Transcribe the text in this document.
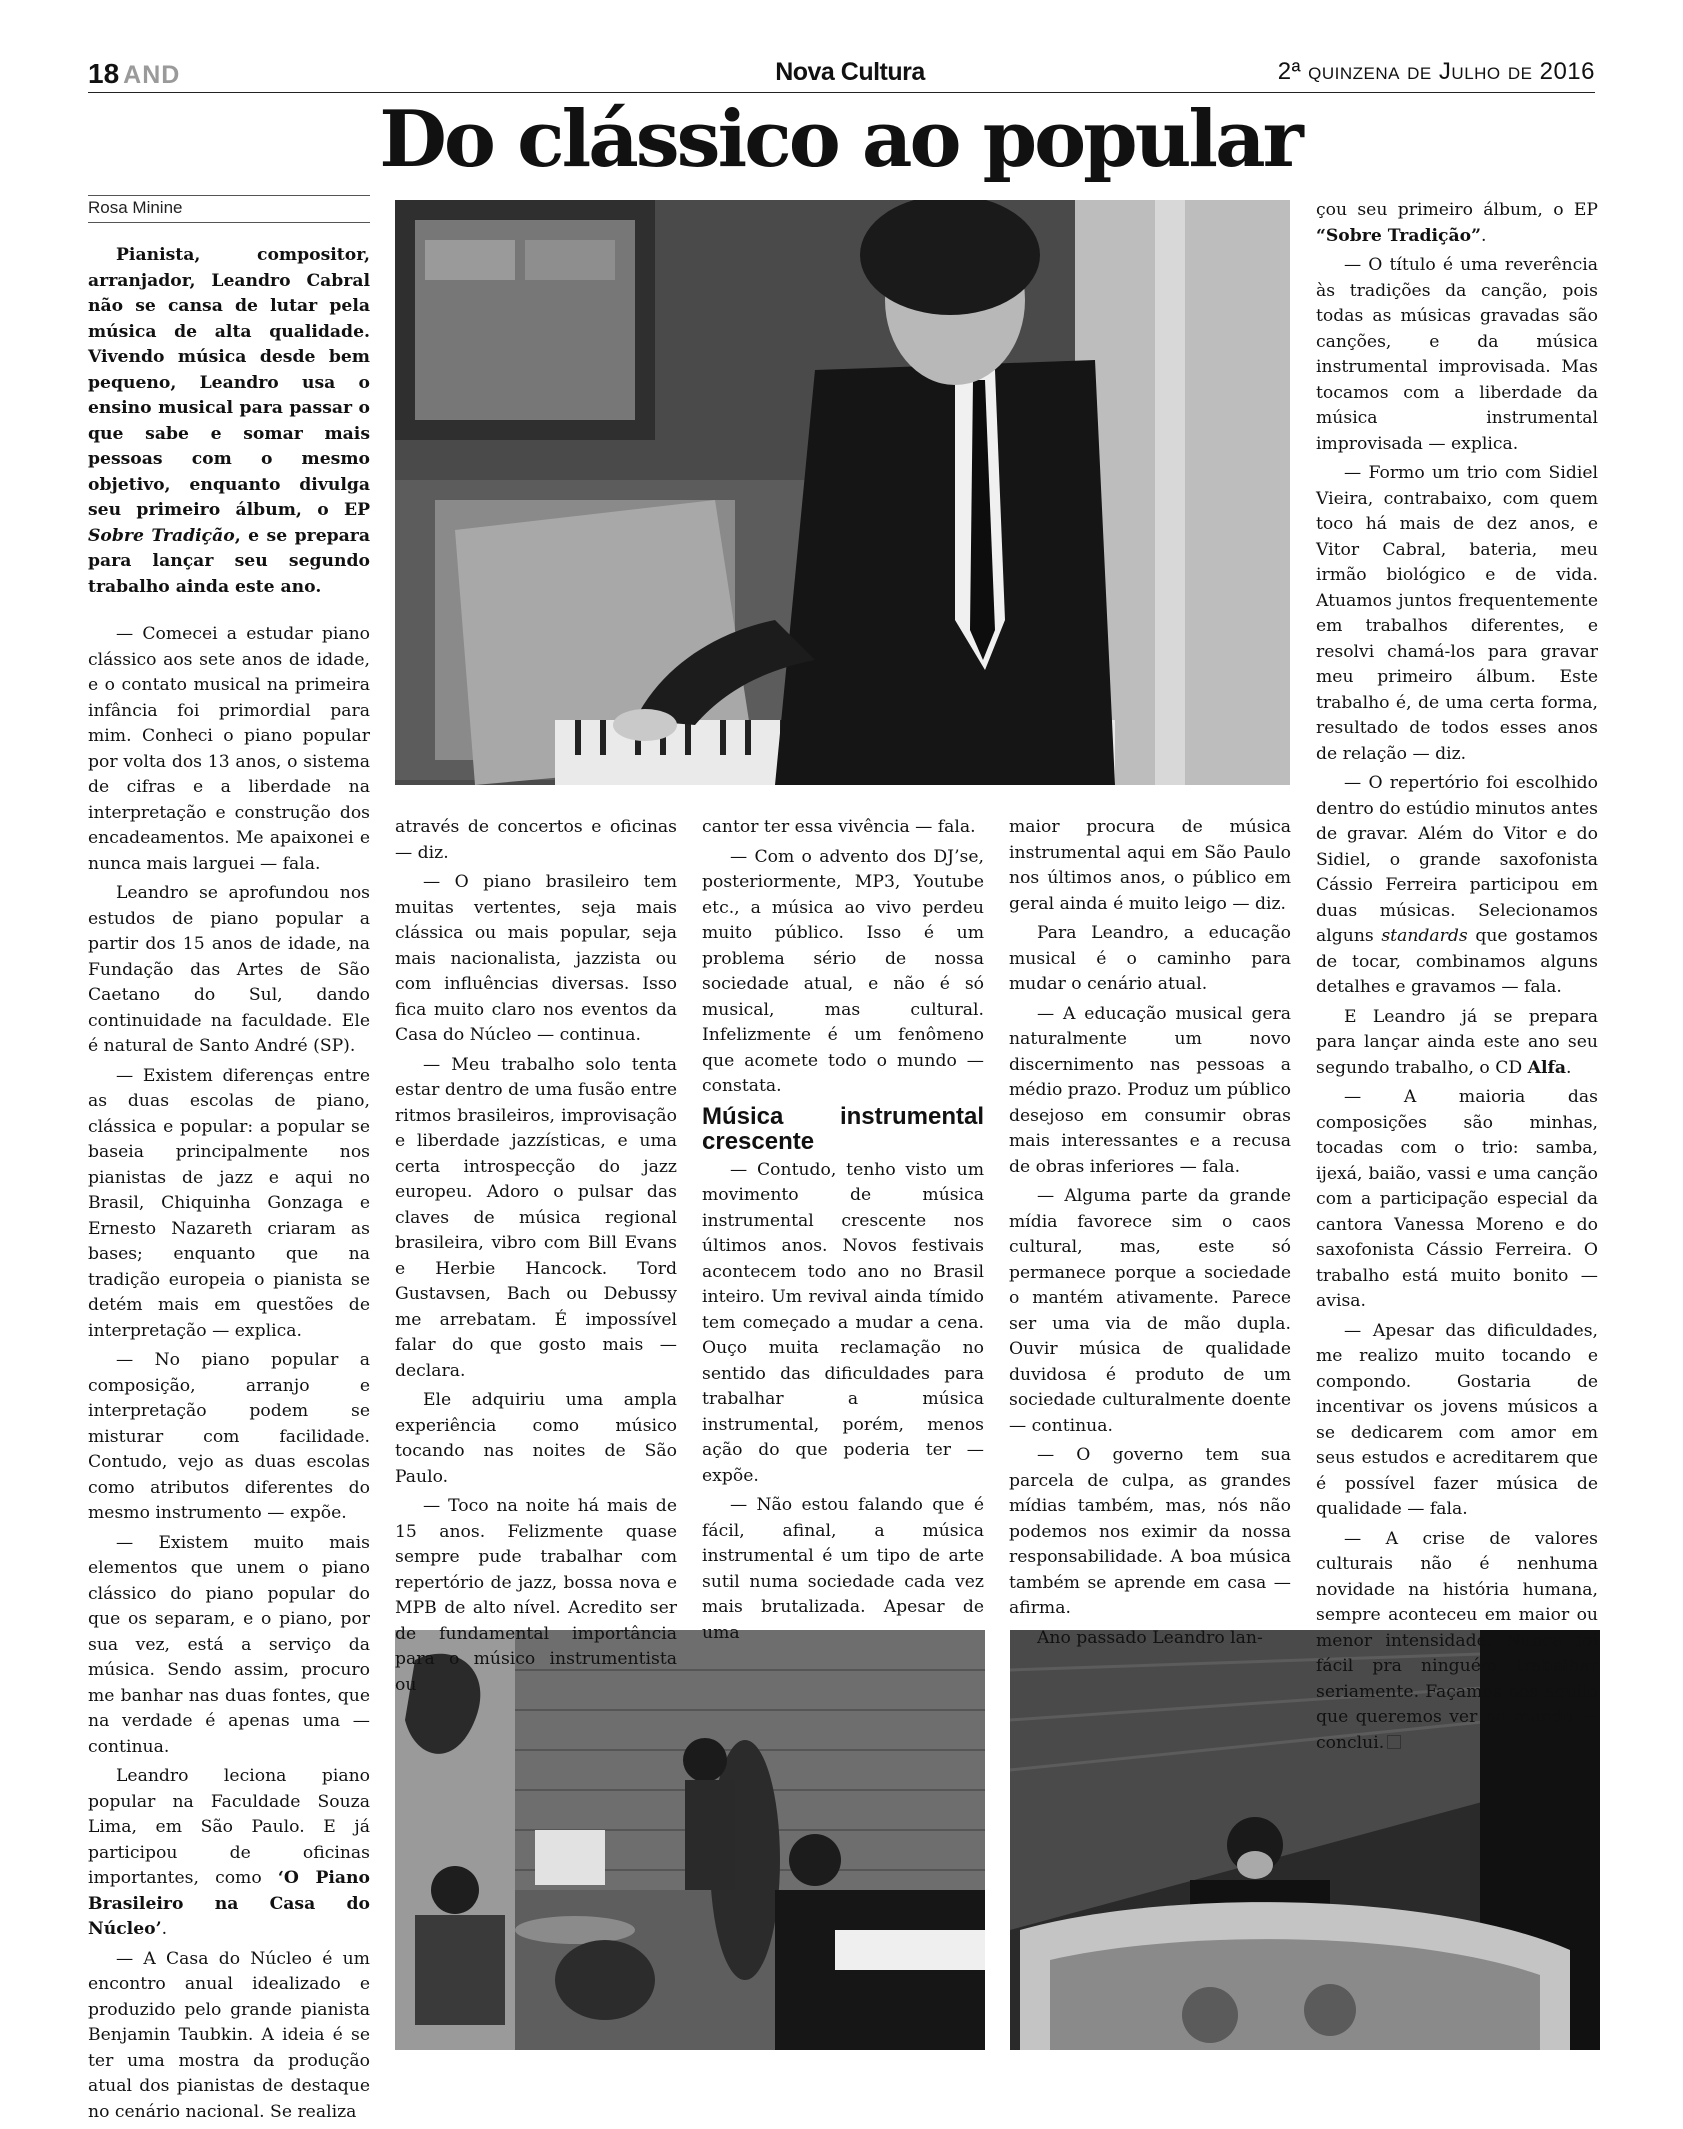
18 AND	Nova Cultura	2ª quinzena de Julho de 2016
Do clássico ao popular
Rosa Minine

Pianista, compositor, arranjador, Leandro Cabral não se cansa de lutar pela música de alta qualidade. Vivendo música desde bem pequeno, Leandro usa o ensino musical para passar o que sabe e somar mais pessoas com o mesmo objetivo, enquanto divulga seu primeiro álbum, o EP Sobre Tradição, e se prepara para lançar seu segundo trabalho ainda este ano.

— Comecei a estudar piano clássico aos sete anos de idade, e o contato musical na primeira infância foi primordial para mim. Conheci o piano popular por volta dos 13 anos, o sistema de cifras e a liberdade na interpretação e construção dos encadeamentos. Me apaixonei e nunca mais larguei — fala.

Leandro se aprofundou nos estudos de piano popular a partir dos 15 anos de idade, na Fundação das Artes de São Caetano do Sul, dando continuidade na faculdade. Ele é natural de Santo André (SP).

— Existem diferenças entre as duas escolas de piano, clássica e popular: a popular se baseia principalmente nos pianistas de jazz e aqui no Brasil, Chiquinha Gonzaga e Ernesto Nazareth criaram as bases; enquanto que na tradição europeia o pianista se detém mais em questões de interpretação — explica.

— No piano popular a composição, arranjo e interpretação podem se misturar com facilidade. Contudo, vejo as duas escolas como atributos diferentes do mesmo instrumento — expõe.

— Existem muito mais elementos que unem o piano clássico do piano popular do que os separam, e o piano, por sua vez, está a serviço da música. Sendo assim, procuro me banhar nas duas fontes, que na verdade é apenas uma — continua.

Leandro leciona piano popular na Faculdade Souza Lima, em São Paulo. E já participou de oficinas importantes, como ‘O Piano Brasileiro na Casa do Núcleo’.

— A Casa do Núcleo é um encontro anual idealizado e produzido pelo grande pianista Benjamin Taubkin. A ideia é se ter uma mostra da produção atual dos pianistas de destaque no cenário nacional. Se realiza

através de concertos e oficinas — diz.

— O piano brasileiro tem muitas vertentes, seja mais clássica ou mais popular, seja mais nacionalista, jazzista ou com influências diversas. Isso fica muito claro nos eventos da Casa do Núcleo — continua.

— Meu trabalho solo tenta estar dentro de uma fusão entre ritmos brasileiros, improvisação e liberdade jazzísticas, e uma certa introspecção do jazz europeu. Adoro o pulsar das claves de música regional brasileira, vibro com Bill Evans e Herbie Hancock. Tord Gustavsen, Bach ou Debussy me arrebatam. É impossível falar do que gosto mais — declara.

Ele adquiriu uma ampla experiência como músico tocando nas noites de São Paulo.

— Toco na noite há mais de 15 anos. Felizmente quase sempre pude trabalhar com repertório de jazz, bossa nova e MPB de alto nível. Acredito ser de fundamental importância para o músico instrumentista ou

cantor ter essa vivência — fala.

— Com o advento dos DJ’se, posteriormente, MP3, Youtube etc., a música ao vivo perdeu muito público. Isso é um problema sério de nossa sociedade atual, e não é só musical, mas cultural. Infelizmente é um fenômeno que acomete todo o mundo — constata.

Música instrumental crescente

— Contudo, tenho visto um movimento de música instrumental crescente nos últimos anos. Novos festivais acontecem todo ano no Brasil inteiro. Um revival ainda tímido tem começado a mudar a cena. Ouço muita reclamação no sentido das dificuldades para trabalhar a música instrumental, porém, menos ação do que poderia ter — expõe.

— Não estou falando que é fácil, afinal, a música instrumental é um tipo de arte sutil numa sociedade cada vez mais brutalizada. Apesar de uma

maior procura de música instrumental aqui em São Paulo nos últimos anos, o público em geral ainda é muito leigo — diz.

Para Leandro, a educação musical é o caminho para mudar o cenário atual.

— A educação musical gera naturalmente um novo discernimento nas pessoas a médio prazo. Produz um público desejoso em consumir obras mais interessantes e a recusa de obras inferiores — fala.

— Alguma parte da grande mídia favorece sim o caos cultural, mas, este só permanece porque a sociedade o mantém ativamente. Parece ser uma via de mão dupla. Ouvir música de qualidade duvidosa é produto de um sociedade culturalmente doente — continua.

— O governo tem sua parcela de culpa, as grandes mídias também, mas, nós não podemos nos eximir da nossa responsabilidade. A boa música também se aprende em casa — afirma.

Ano passado Leandro lan-

çou seu primeiro álbum, o EP “Sobre Tradição”.

— O título é uma reverência às tradições da canção, pois todas as músicas gravadas são canções, e da música instrumental improvisada. Mas tocamos com a liberdade da música instrumental improvisada — explica.

— Formo um trio com Sidiel Vieira, contrabaixo, com quem toco há mais de dez anos, e Vitor Cabral, bateria, meu irmão biológico e de vida. Atuamos juntos frequentemente em trabalhos diferentes, e resolvi chamá-los para gravar meu primeiro álbum. Este trabalho é, de uma certa forma, resultado de todos esses anos de relação — diz.

— O repertório foi escolhido dentro do estúdio minutos antes de gravar. Além do Vitor e do Sidiel, o grande saxofonista Cássio Ferreira participou em duas músicas. Selecionamos alguns standards que gostamos de tocar, combinamos alguns detalhes e gravamos — fala.

E Leandro já se prepara para lançar ainda este ano seu segundo trabalho, o CD Alfa.

— A maioria das composições são minhas, tocadas com o trio: samba, ijexá, baião, vassi e uma canção com a participação especial da cantora Vanessa Moreno e do saxofonista Cássio Ferreira. O trabalho está muito bonito — avisa.

— Apesar das dificuldades, me realizo muito tocando e compondo. Gostaria de incentivar os jovens músicos a se dedicarem com amor em seus estudos e acreditarem que é possível fazer música de qualidade — fala.

— A crise de valores culturais não é nenhuma novidade na história humana, sempre aconteceu em maior ou menor intensidade. Nunca foi fácil pra ninguém trabalhar seriamente. Façamos nós aquilo que queremos ver no mundo — conclui.
